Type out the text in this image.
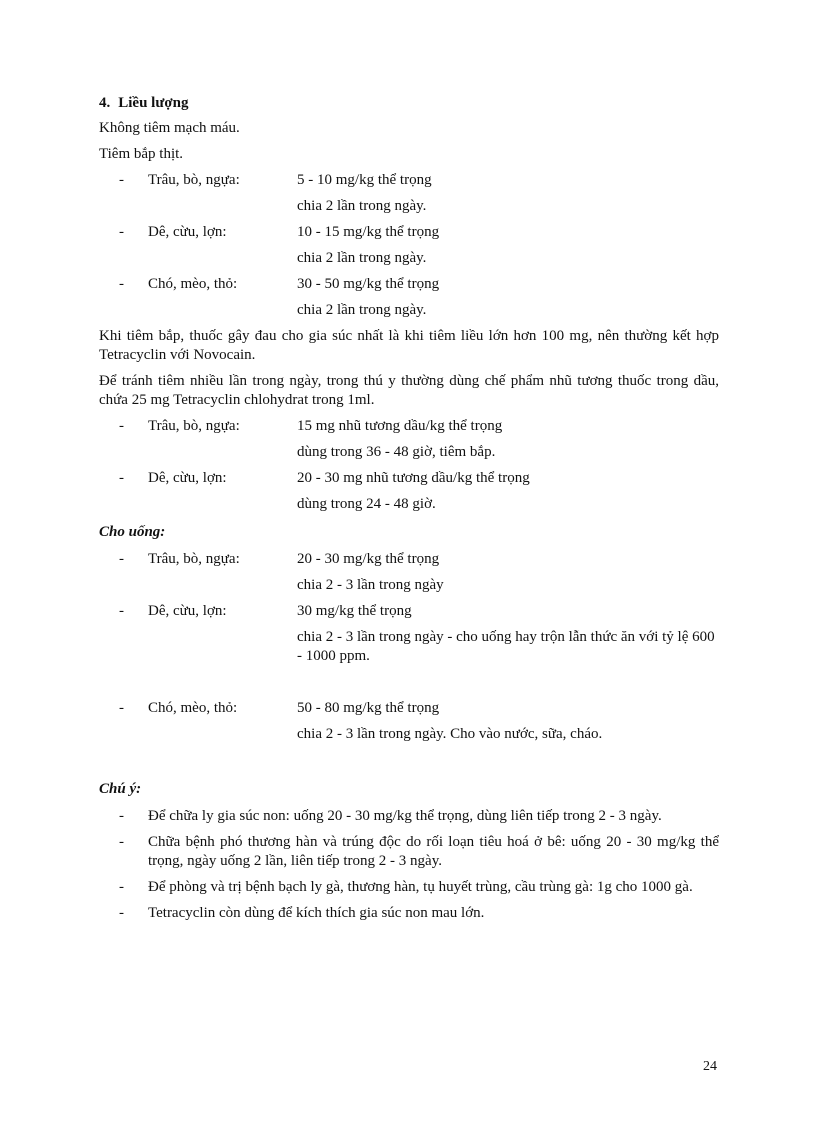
4. Liều lượng

Không tiêm mạch máu.

Tiêm bắp thịt.

- Trâu, bò, ngựa:	5 - 10 mg/kg thể trọng
chia 2 lần trong ngày.
- Dê, cừu, lợn:	10 - 15 mg/kg thể trọng
chia 2 lần trong ngày.
- Chó, mèo, thỏ:	30 - 50 mg/kg thể trọng
chia 2 lần trong ngày.

Khi tiêm bắp, thuốc gây đau cho gia súc nhất là khi tiêm liều lớn hơn 100 mg, nên thường kết hợp Tetracyclin với Novocain.

Để tránh tiêm nhiều lần trong ngày, trong thú y thường dùng chế phẩm nhũ tương thuốc trong dầu, chứa 25 mg Tetracyclin chlohydrat trong 1ml.

- Trâu, bò, ngựa:	15 mg nhũ tương dầu/kg thể trọng
dùng trong 36 - 48 giờ, tiêm bắp.
- Dê, cừu, lợn:	20 - 30 mg nhũ tương dầu/kg thể trọng
dùng trong 24 - 48 giờ.
Cho uống:
- Trâu, bò, ngựa:	20 - 30 mg/kg thể trọng
chia 2 - 3 lần trong ngày
- Dê, cừu, lợn:	30 mg/kg thể trọng
chia 2 - 3 lần trong ngày - cho uống hay trộn lẫn thức ăn với tỷ lệ 600 - 1000 ppm.
- Chó, mèo, thỏ:	50 - 80 mg/kg thể trọng
chia 2 - 3 lần trong ngày. Cho vào nước, sữa, cháo.
Chú ý:
- Để chữa ly gia súc non: uống 20 - 30 mg/kg thể trọng, dùng liên tiếp trong 2 - 3 ngày.
- Chữa bệnh phó thương hàn và trúng độc do rối loạn tiêu hoá ở bê: uống 20 - 30 mg/kg thể trọng, ngày uống 2 lần, liên tiếp trong 2 - 3 ngày.
- Để phòng và trị bệnh bạch ly gà, thương hàn, tụ huyết trùng, cầu trùng gà: 1g cho 1000 gà.
- Tetracyclin còn dùng để kích thích gia súc non mau lớn.
24
